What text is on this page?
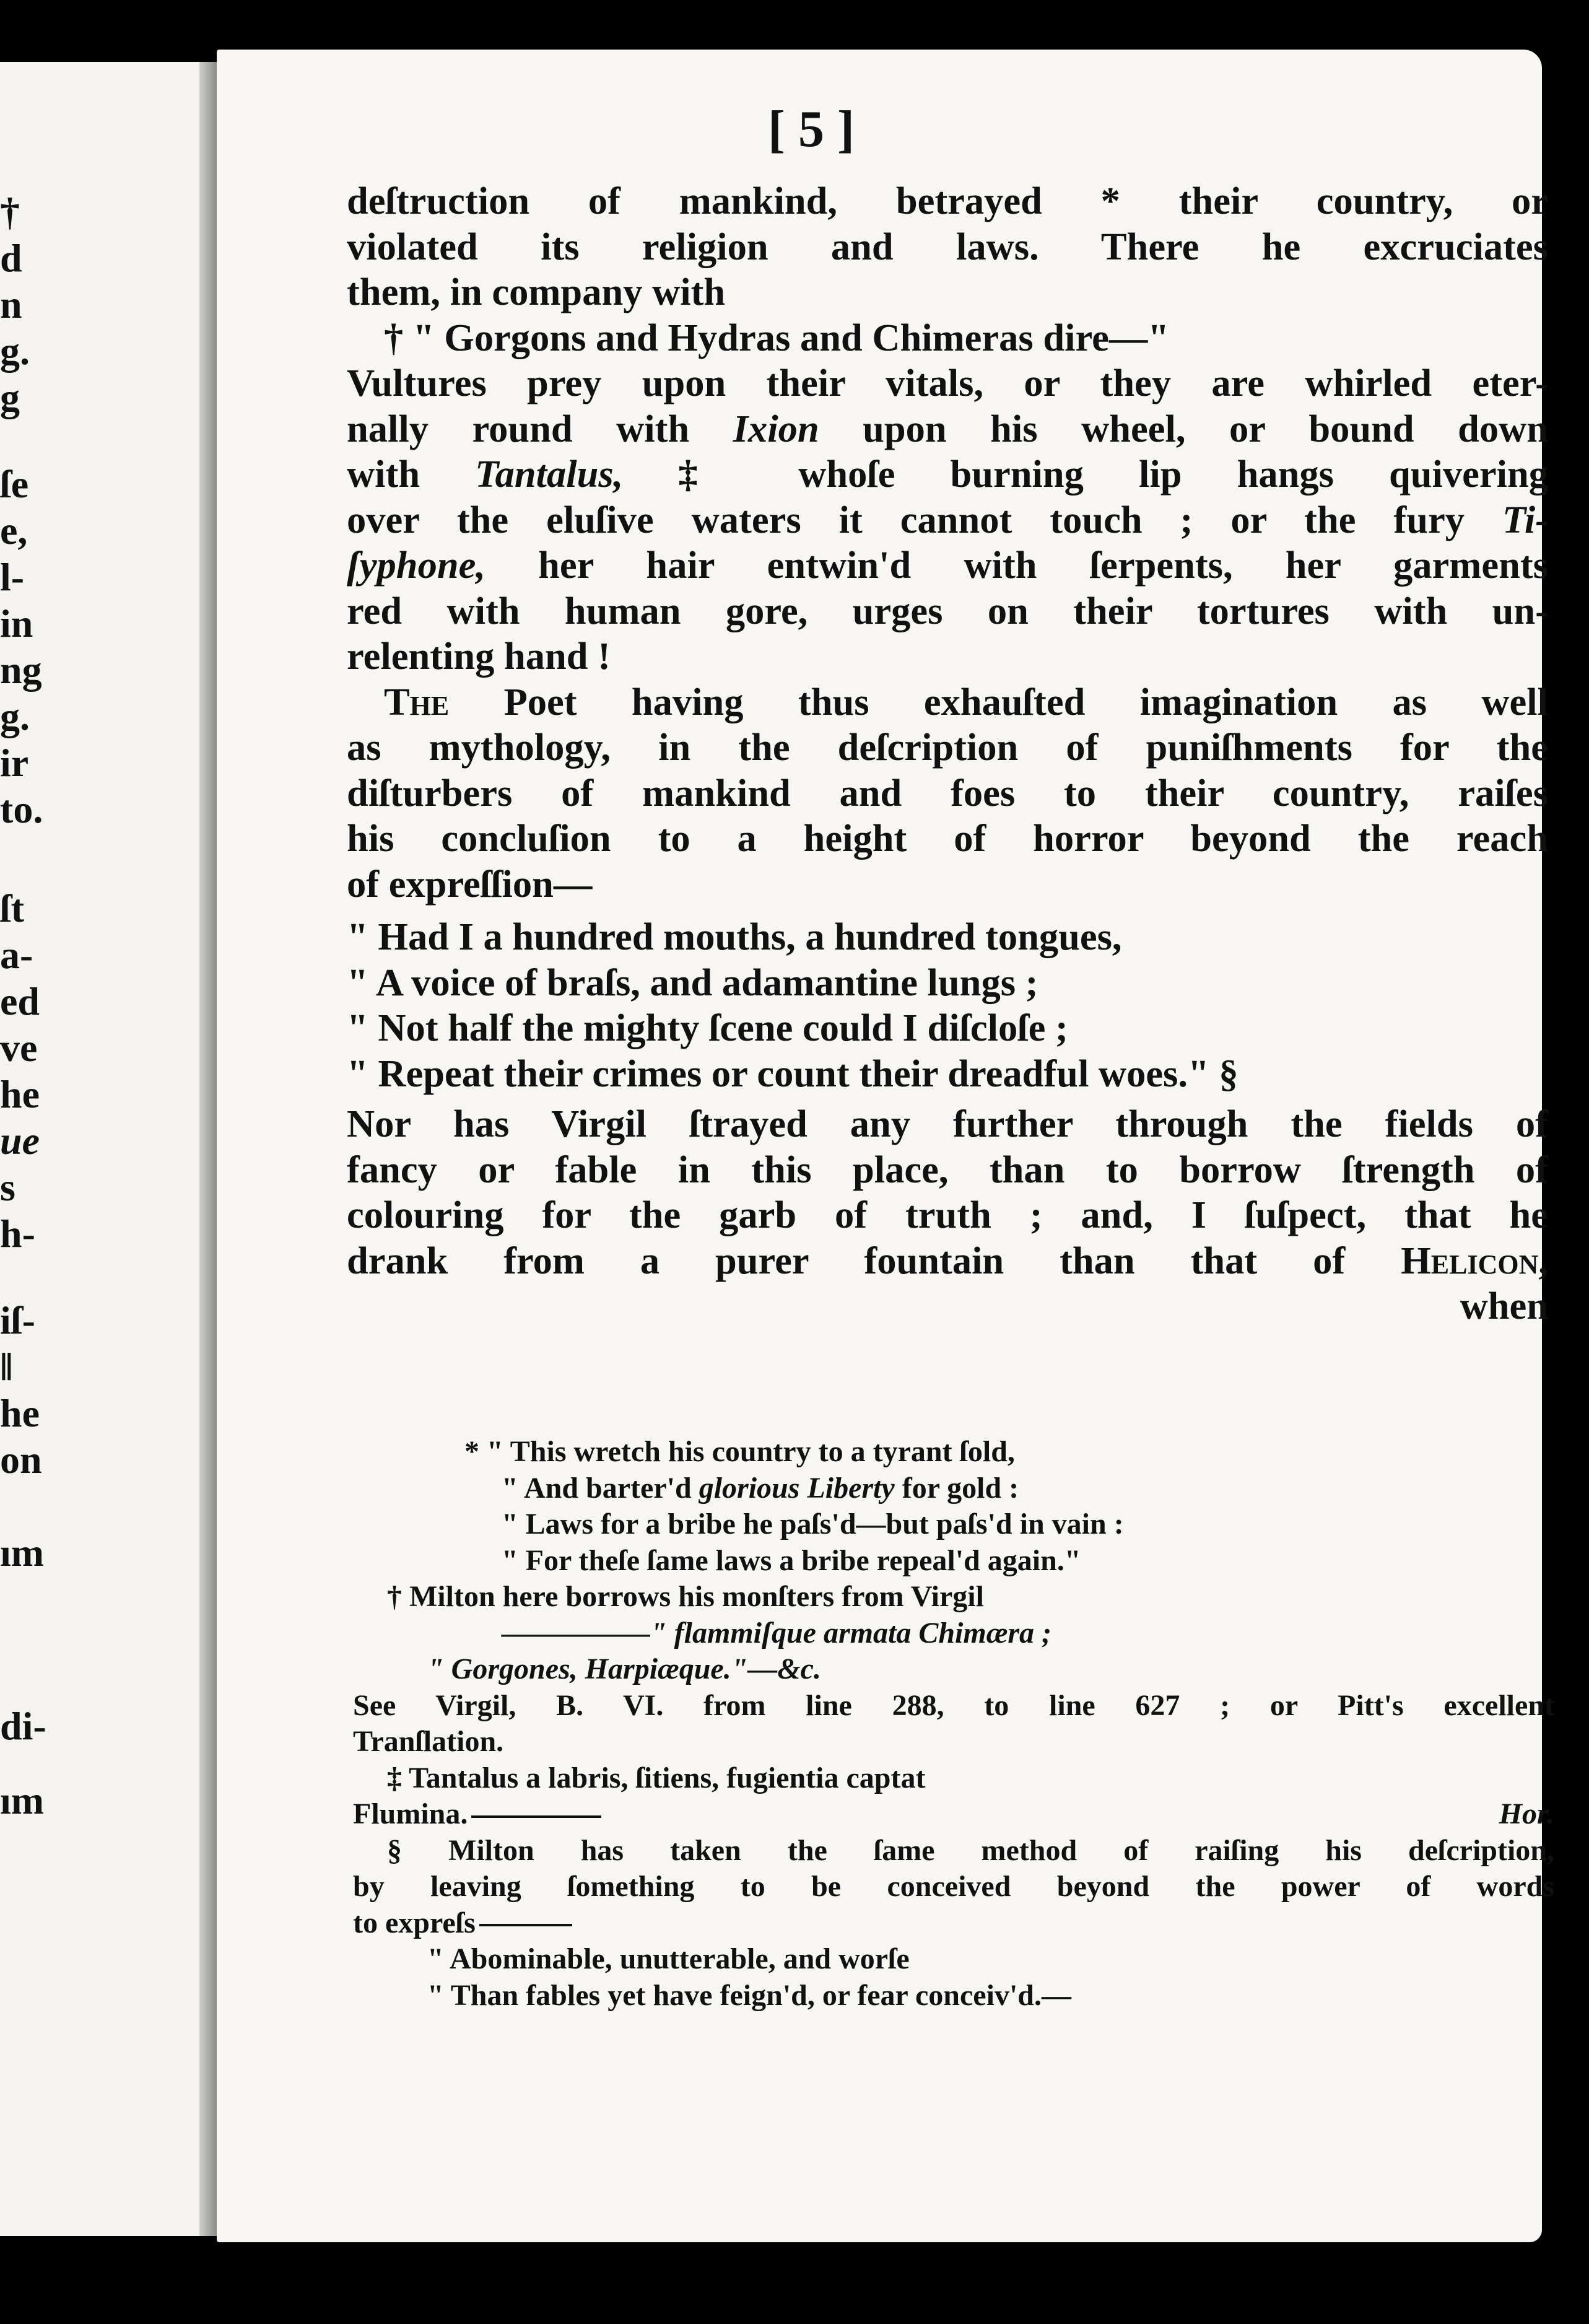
†
d
n
g.
g
ſe
e,
l-
in
ng
g.
ir
to.
ſt
a-
ed
ve
he
ue
s
h-
iſ-
‖
he
on
ım
di-
ım
[ 5 ]
deſtruction of mankind, betrayed * their country, or
violated its religion and laws. There he excruciates
them, in company with
† " Gorgons and Hydras and Chimeras dire—"
Vultures prey upon their vitals, or they are whirled eter-
nally round with Ixion upon his wheel, or bound down
with Tantalus, ‡ whoſe burning lip hangs quivering
over the eluſive waters it cannot touch ; or the fury Ti-
ſyphone, her hair entwin'd with ſerpents, her garments
red with human gore, urges on their tortures with un-
relenting hand !
The Poet having thus exhauſted imagination as well
as mythology, in the deſcription of puniſhments for the
diſturbers of mankind and foes to their country, raiſes
his concluſion to a height of horror beyond the reach
of expreſſion—
" Had I a hundred mouths, a hundred tongues,
" A voice of braſs, and adamantine lungs ;
" Not half the mighty ſcene could I diſcloſe ;
" Repeat their crimes or count their dreadful woes." §
Nor has Virgil ſtrayed any further through the fields of
fancy or fable in this place, than to borrow ſtrength of
colouring for the garb of truth ; and, I ſuſpect, that he
drank from a purer fountain than that of Helicon,
when
* " This wretch his country to a tyrant ſold,
" And barter'd glorious Liberty for gold :
" Laws for a bribe he paſs'd—but paſs'd in vain :
" For theſe ſame laws a bribe repeal'd again."
† Milton here borrows his monſters from Virgil
—————" flammiſque armata Chimæra ;
" Gorgones, Harpiæque."—&c.
See Virgil, B. VI. from line 288, to line 627 ; or Pitt's excellent
Tranſlation.
‡ Tantalus a labris, ſitiens, fugientia captat
Flumina.	Hor.
§ Milton has taken the ſame method of raiſing his deſcription,
by leaving ſomething to be conceived beyond the power of words
to expreſs
" Abominable, unutterable, and worſe
" Than fables yet have feign'd, or fear conceiv'd.—
